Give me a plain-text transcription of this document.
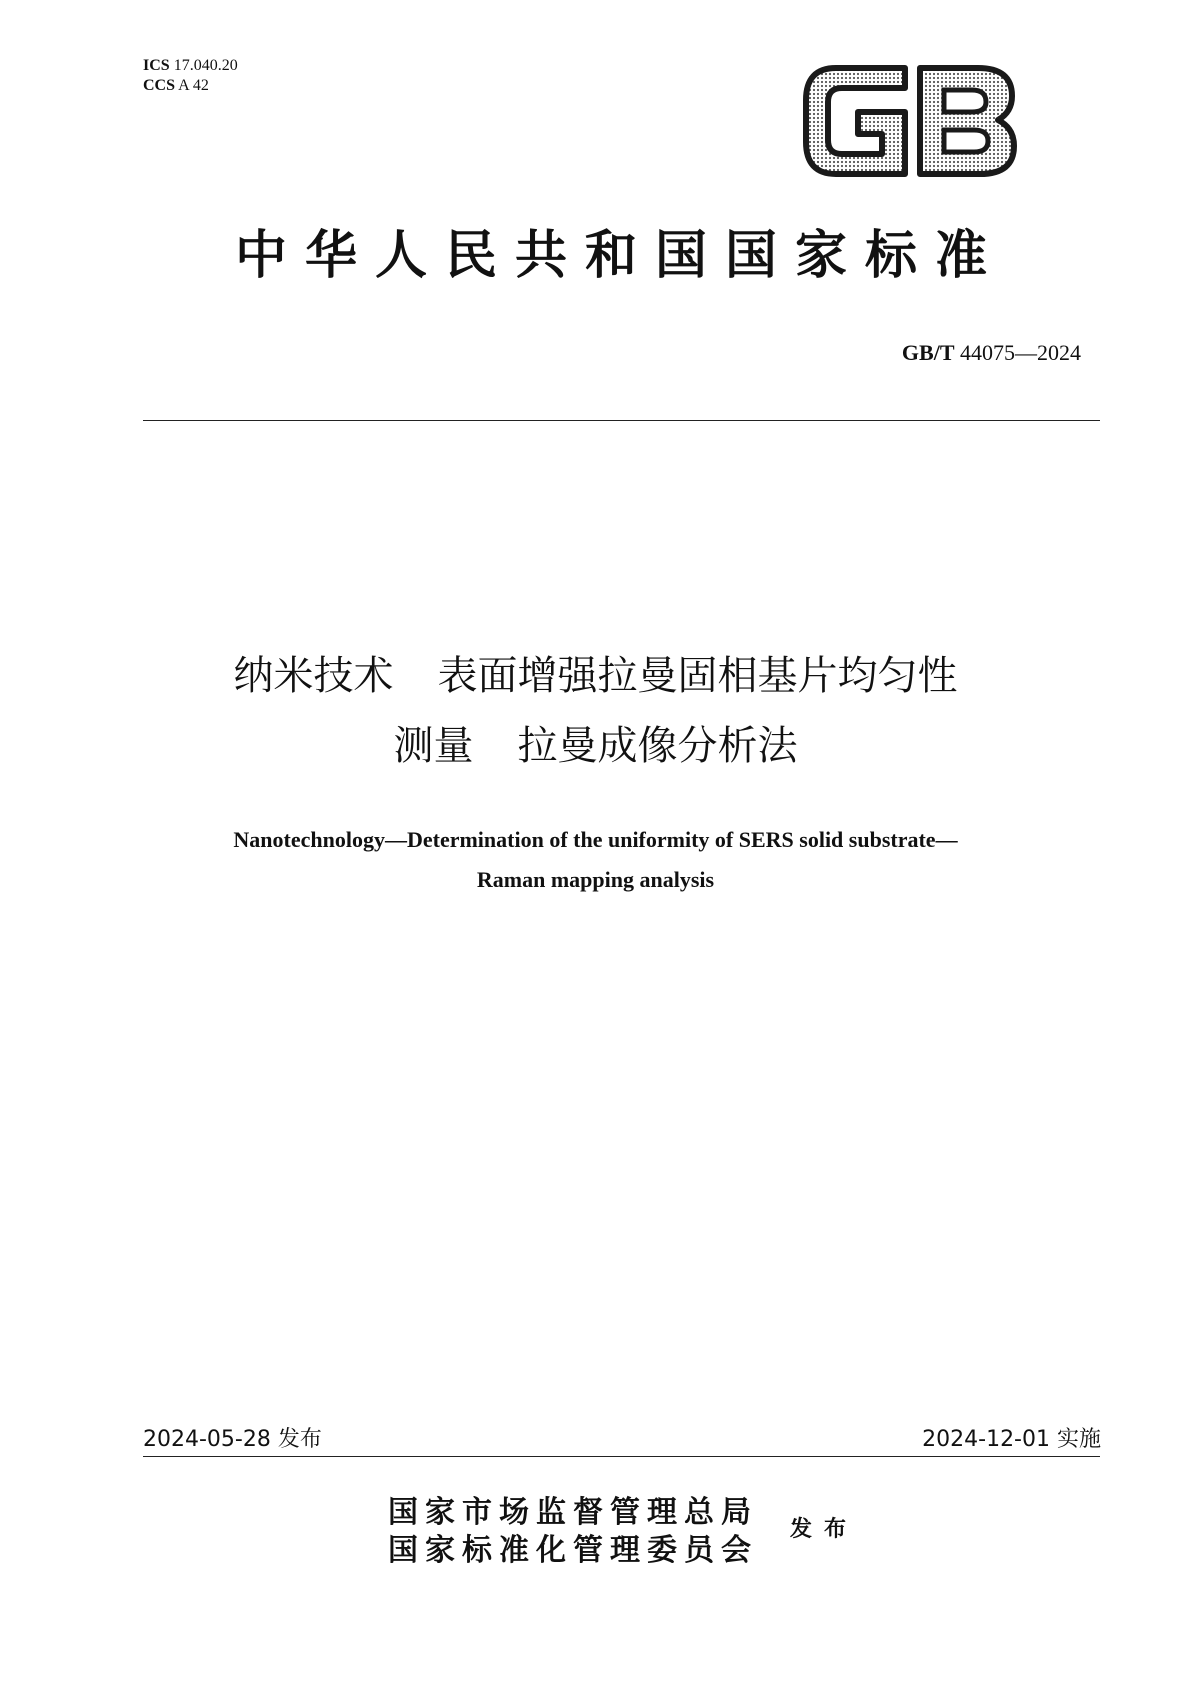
ICS 17.040.20
CCS A 42
中华人民共和国国家标准
GB/T 44075—2024
纳米技术 表面增强拉曼固相基片均匀性
测量 拉曼成像分析法
Nanotechnology—Determination of the uniformity of SERS solid substrate—
Raman mapping analysis
2024-05-28 发布	2024-12-01 实施
国家市场监督管理总局
国家标准化管理委员会
发布
